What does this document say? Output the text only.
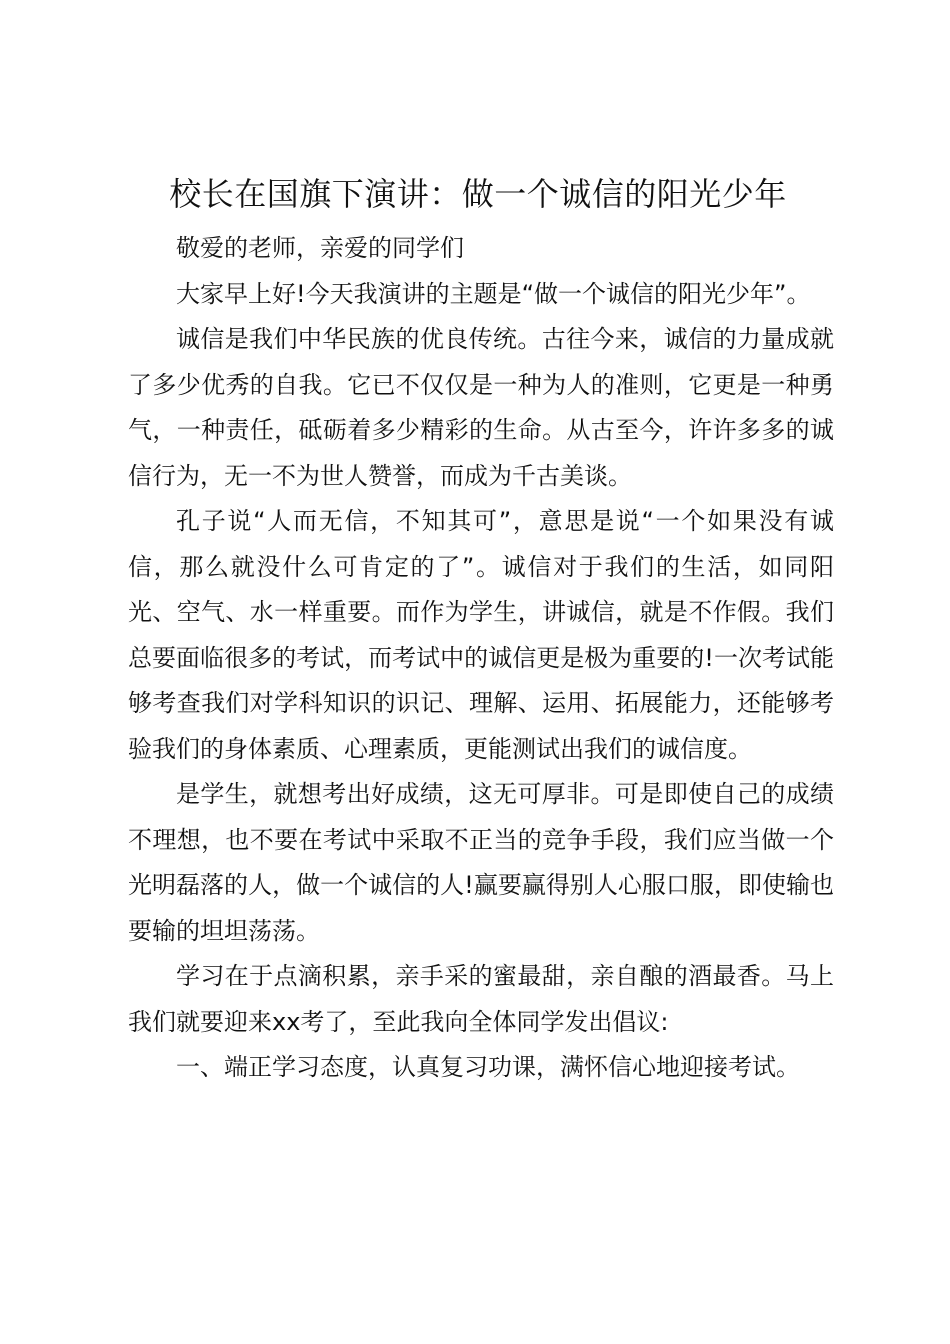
校长在国旗下演讲：做一个诚信的阳光少年

敬爱的老师，亲爱的同学们

大家早上好!今天我演讲的主题是“做一个诚信的阳光少年”。

诚信是我们中华民族的优良传统。古往今来，诚信的力量成就了多少优秀的自我。它已不仅仅是一种为人的准则，它更是一种勇气，一种责任，砥砺着多少精彩的生命。从古至今，许许多多的诚信行为，无一不为世人赞誉，而成为千古美谈。

孔子说“人而无信，不知其可”，意思是说“一个如果没有诚信，那么就没什么可肯定的了”。诚信对于我们的生活，如同阳光、空气、水一样重要。而作为学生，讲诚信，就是不作假。我们总要面临很多的考试，而考试中的诚信更是极为重要的!一次考试能够考查我们对学科知识的识记、理解、运用、拓展能力，还能够考验我们的身体素质、心理素质，更能测试出我们的诚信度。

是学生，就想考出好成绩，这无可厚非。可是即使自己的成绩不理想，也不要在考试中采取不正当的竞争手段，我们应当做一个光明磊落的人，做一个诚信的人!赢要赢得别人心服口服，即使输也要输的坦坦荡荡。

学习在于点滴积累，亲手采的蜜最甜，亲自酿的酒最香。马上我们就要迎来xx考了，至此我向全体同学发出倡议:

一、端正学习态度，认真复习功课，满怀信心地迎接考试。
